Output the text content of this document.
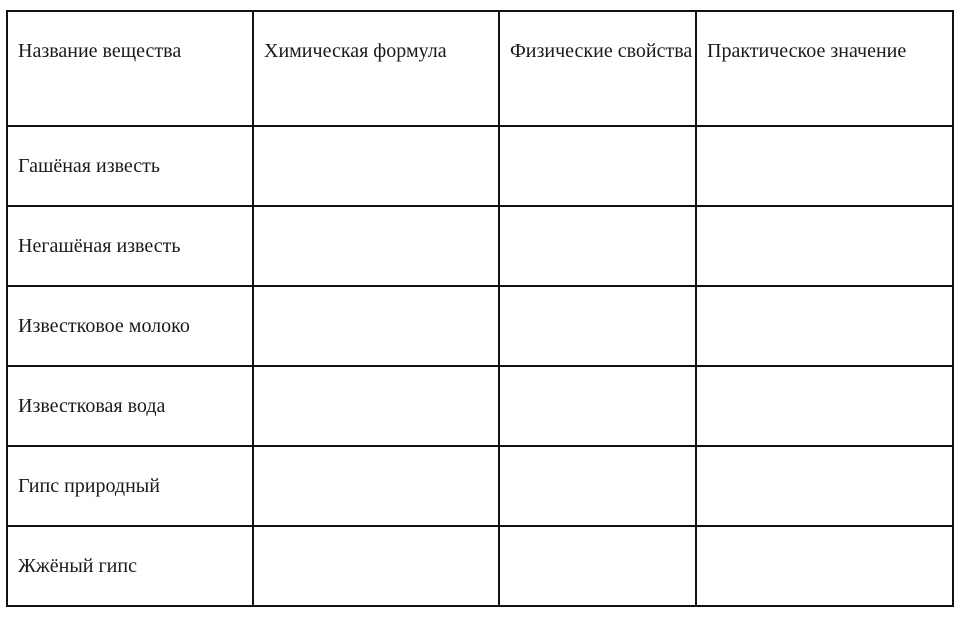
Название вещества	Химическая формула	Физические свойства	Практическое значение

Гашёная известь			
Негашёная известь			
Известковое молоко			
Известковая вода			
Гипс природный			
Жжёный гипс			
